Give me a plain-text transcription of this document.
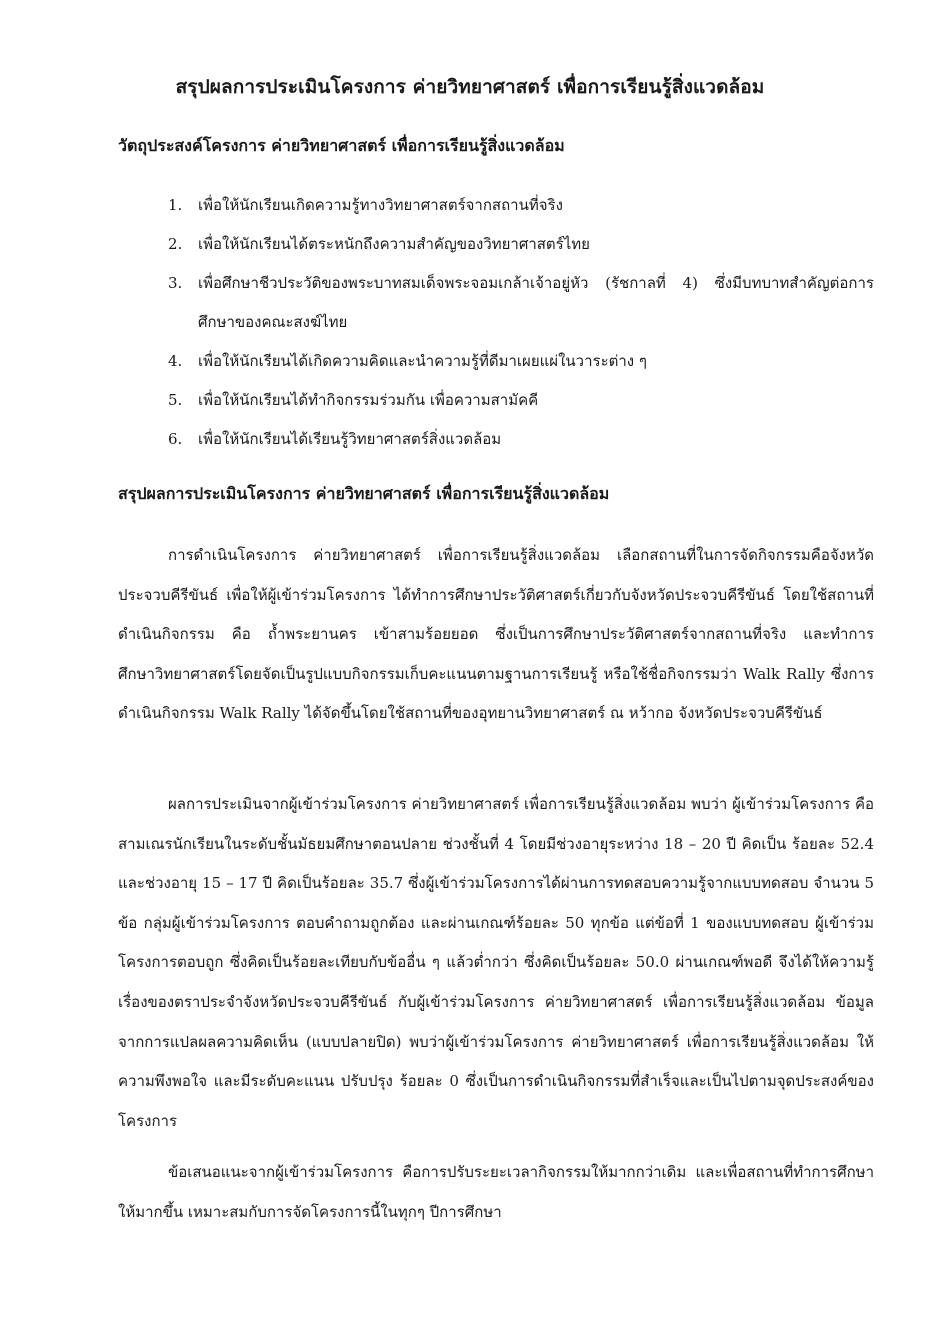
สรุปผลการประเมินโครงการ ค่ายวิทยาศาสตร์ เพื่อการเรียนรู้สิ่งแวดล้อม
วัตถุประสงค์โครงการ ค่ายวิทยาศาสตร์ เพื่อการเรียนรู้สิ่งแวดล้อม
1. เพื่อให้นักเรียนเกิดความรู้ทางวิทยาศาสตร์จากสถานที่จริง
2. เพื่อให้นักเรียนได้ตระหนักถึงความสำคัญของวิทยาศาสตร์ไทย
3. เพื่อศึกษาชีวประวัติของพระบาทสมเด็จพระจอมเกล้าเจ้าอยู่หัว (รัชกาลที่ 4) ซึ่งมีบทบาทสำคัญต่อการศึกษาของคณะสงฆ์ไทย
4. เพื่อให้นักเรียนได้เกิดความคิดและนำความรู้ที่ดีมาเผยแผ่ในวาระต่าง ๆ
5. เพื่อให้นักเรียนได้ทำกิจกรรมร่วมกัน เพื่อความสามัคคี
6. เพื่อให้นักเรียนได้เรียนรู้วิทยาศาสตร์สิ่งแวดล้อม
สรุปผลการประเมินโครงการ ค่ายวิทยาศาสตร์ เพื่อการเรียนรู้สิ่งแวดล้อม

การดำเนินโครงการ ค่ายวิทยาศาสตร์ เพื่อการเรียนรู้สิ่งแวดล้อม เลือกสถานที่ในการจัดกิจกรรมคือจังหวัดประจวบคีรีขันธ์ เพื่อให้ผู้เข้าร่วมโครงการ ได้ทำการศึกษาประวัติศาสตร์เกี่ยวกับจังหวัดประจวบคีรีขันธ์ โดยใช้สถานที่ดำเนินกิจกรรม คือ ถ้ำพระยานคร เข้าสามร้อยยอด ซึ่งเป็นการศึกษาประวัติศาสตร์จากสถานที่จริง และทำการศึกษาวิทยาศาสตร์โดยจัดเป็นรูปแบบกิจกรรมเก็บคะแนนตามฐานการเรียนรู้ หรือใช้ชื่อกิจกรรมว่า Walk Rally ซึ่งการดำเนินกิจกรรม Walk Rally ได้จัดขึ้นโดยใช้สถานที่ของอุทยานวิทยาศาสตร์ ณ หว้ากอ จังหวัดประจวบคีรีขันธ์

ผลการประเมินจากผู้เข้าร่วมโครงการ ค่ายวิทยาศาสตร์ เพื่อการเรียนรู้สิ่งแวดล้อม พบว่า ผู้เข้าร่วมโครงการ คือ สามเณรนักเรียนในระดับชั้นมัธยมศึกษาตอนปลาย ช่วงชั้นที่ 4 โดยมีช่วงอายุระหว่าง 18 – 20 ปี คิดเป็น ร้อยละ 52.4 และช่วงอายุ 15 – 17 ปี คิดเป็นร้อยละ 35.7 ซึ่งผู้เข้าร่วมโครงการได้ผ่านการทดสอบความรู้จากแบบทดสอบ จำนวน 5 ข้อ กลุ่มผู้เข้าร่วมโครงการ ตอบคำถามถูกต้อง และผ่านเกณฑ์ร้อยละ 50 ทุกข้อ แต่ข้อที่ 1 ของแบบทดสอบ ผู้เข้าร่วมโครงการตอบถูก ซึ่งคิดเป็นร้อยละเทียบกับข้ออื่น ๆ แล้วต่ำกว่า ซึ่งคิดเป็นร้อยละ 50.0 ผ่านเกณฑ์พอดี จึงได้ให้ความรู้เรื่องของตราประจำจังหวัดประจวบคีรีขันธ์ กับผู้เข้าร่วมโครงการ ค่ายวิทยาศาสตร์ เพื่อการเรียนรู้สิ่งแวดล้อม ข้อมูลจากการแปลผลความคิดเห็น (แบบปลายปิด) พบว่าผู้เข้าร่วมโครงการ ค่ายวิทยาศาสตร์ เพื่อการเรียนรู้สิ่งแวดล้อม ให้ความพึงพอใจ และมีระดับคะแนน ปรับปรุง ร้อยละ 0 ซึ่งเป็นการดำเนินกิจกรรมที่สำเร็จและเป็นไปตามจุดประสงค์ของโครงการ

ข้อเสนอแนะจากผู้เข้าร่วมโครงการ คือการปรับระยะเวลากิจกรรมให้มากกว่าเดิม และเพื่อสถานที่ทำการศึกษาให้มากขึ้น เหมาะสมกับการจัดโครงการนี้ในทุกๆ ปีการศึกษา
